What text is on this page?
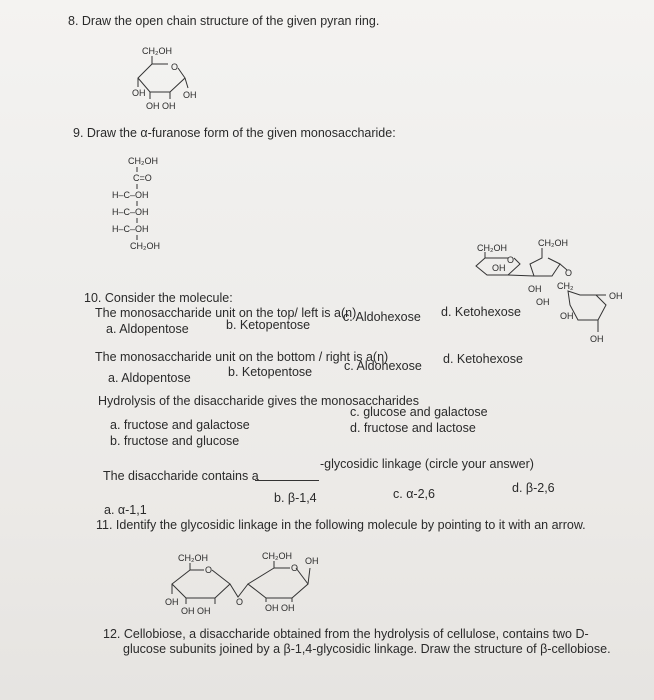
8. Draw the open chain structure of the given pyran ring.
CH₂OH
O
OH	OH
OH OH
9. Draw the α-furanose form of the given monosaccharide:
CH₂OH
C=O
H–C–OH
H–C–OH
H–C–OH
CH₂OH	CH₂OH	CH₂OH
OH
OH CH₂
O
O
OH
OH
OH
OH
10. Consider the molecule:
The monosaccharide unit on the top/ left is a(n)
a. Aldopentose	b. Ketopentose
c. Aldohexose d. Ketohexose
The monosaccharide unit on the bottom / right is a(n)
a. Aldopentose	b. Ketopentose	c. Aldohexose d. Ketohexose
Hydrolysis of the disaccharide gives the monosaccharides
a. fructose and galactose
b. fructose and glucose
c. glucose and galactose
d. fructose and lactose
The disaccharide contains a
-glycosidic linkage (circle your answer)
a. α-1,1
b. β-1,4	c. α-2,6	d. β-2,6
11. Identify the glycosidic linkage in the following molecule by pointing to it with an arrow.
CH₂OH	CH₂OH OH
O	O
OH
OH OH
O
OH OH
12. Cellobiose, a disaccharide obtained from the hydrolysis of cellulose, contains two D-
glucose subunits joined by a β-1,4-glycosidic linkage. Draw the structure of β-cellobiose.
